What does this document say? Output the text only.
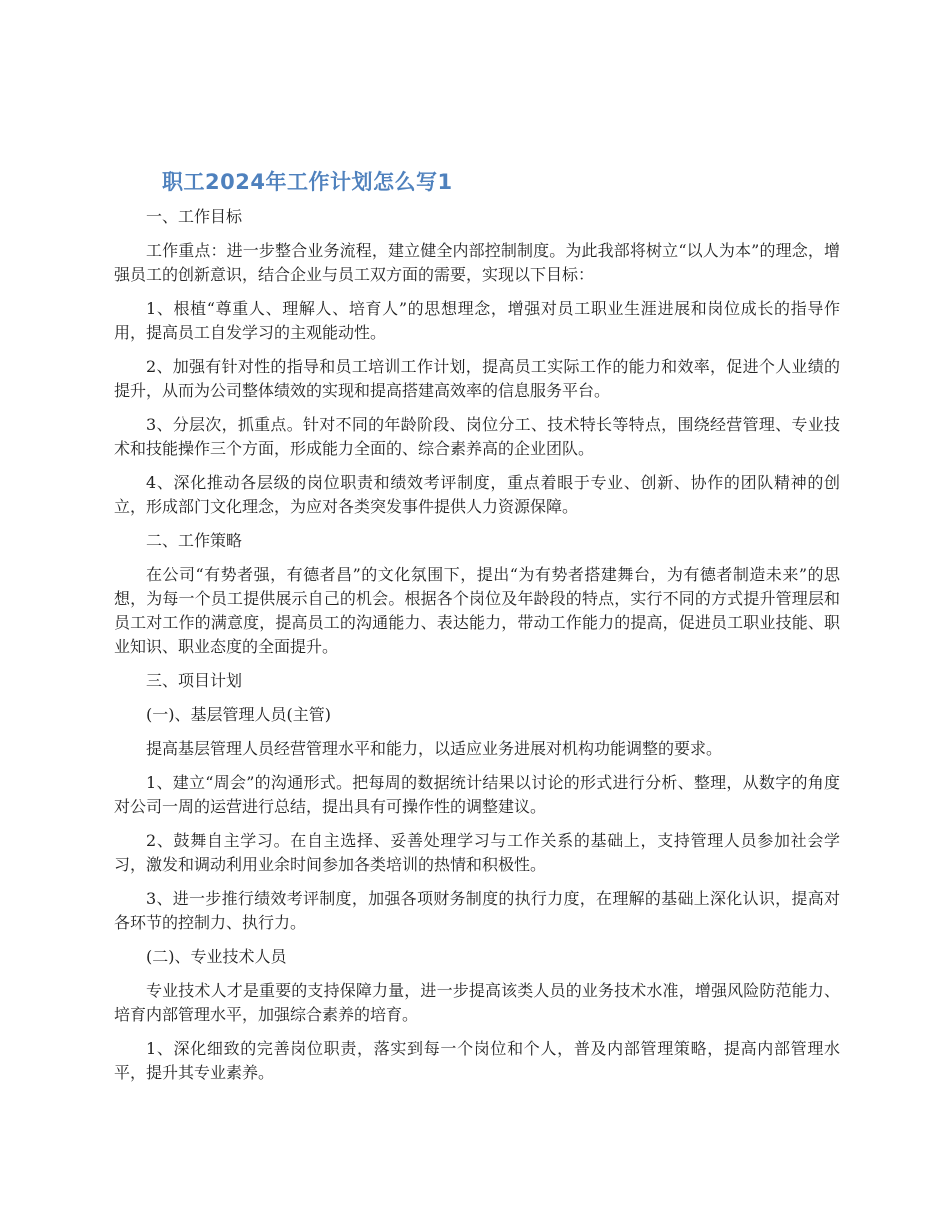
职工2024年工作计划怎么写1

一、工作目标

工作重点：进一步整合业务流程，建立健全内部控制制度。为此我部将树立“以人为本”的理念，增强员工的创新意识，结合企业与员工双方面的需要，实现以下目标：

1、根植“尊重人、理解人、培育人”的思想理念，增强对员工职业生涯进展和岗位成长的指导作用，提高员工自发学习的主观能动性。

2、加强有针对性的指导和员工培训工作计划，提高员工实际工作的能力和效率，促进个人业绩的提升，从而为公司整体绩效的实现和提高搭建高效率的信息服务平台。

3、分层次，抓重点。针对不同的年龄阶段、岗位分工、技术特长等特点，围绕经营管理、专业技术和技能操作三个方面，形成能力全面的、综合素养高的企业团队。

4、深化推动各层级的岗位职责和绩效考评制度，重点着眼于专业、创新、协作的团队精神的创立，形成部门文化理念，为应对各类突发事件提供人力资源保障。

二、工作策略

在公司“有势者强，有德者昌”的文化氛围下，提出“为有势者搭建舞台，为有德者制造未来”的思想，为每一个员工提供展示自己的机会。根据各个岗位及年龄段的特点，实行不同的方式提升管理层和员工对工作的满意度，提高员工的沟通能力、表达能力，带动工作能力的提高，促进员工职业技能、职业知识、职业态度的全面提升。

三、项目计划

(一)、基层管理人员(主管)

提高基层管理人员经营管理水平和能力，以适应业务进展对机构功能调整的要求。

1、建立“周会”的沟通形式。把每周的数据统计结果以讨论的形式进行分析、整理，从数字的角度对公司一周的运营进行总结，提出具有可操作性的调整建议。

2、鼓舞自主学习。在自主选择、妥善处理学习与工作关系的基础上，支持管理人员参加社会学习，激发和调动利用业余时间参加各类培训的热情和积极性。

3、进一步推行绩效考评制度，加强各项财务制度的执行力度，在理解的基础上深化认识，提高对各环节的控制力、执行力。

(二)、专业技术人员

专业技术人才是重要的支持保障力量，进一步提高该类人员的业务技术水准，增强风险防范能力、培育内部管理水平，加强综合素养的培育。

1、深化细致的完善岗位职责，落实到每一个岗位和个人，普及内部管理策略，提高内部管理水平，提升其专业素养。
